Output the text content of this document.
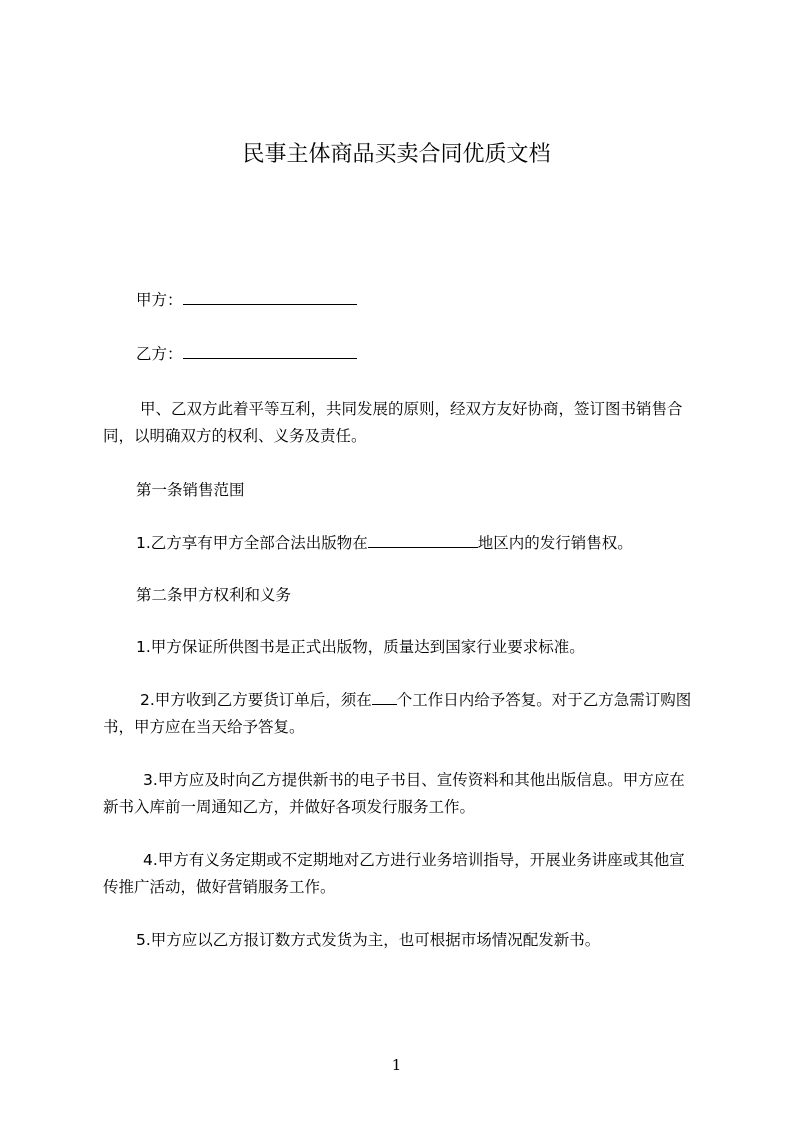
民事主体商品买卖合同优质文档
甲方：
乙方：
甲、乙双方此着平等互利，共同发展的原则，经双方友好协商，签订图书销售合
同，以明确双方的权利、义务及责任。
第一条销售范围
1.乙方享有甲方全部合法出版物在	地区内的发行销售权。
第二条甲方权利和义务
1.甲方保证所供图书是正式出版物，质量达到国家行业要求标准。
2.甲方收到乙方要货订单后，须在 个工作日内给予答复。对于乙方急需订购图
书，甲方应在当天给予答复。
3.甲方应及时向乙方提供新书的电子书目、宣传资料和其他出版信息。甲方应在
新书入库前一周通知乙方，并做好各项发行服务工作。
4.甲方有义务定期或不定期地对乙方进行业务培训指导，开展业务讲座或其他宣
传推广活动，做好营销服务工作。
5.甲方应以乙方报订数方式发货为主，也可根据市场情况配发新书。
1
